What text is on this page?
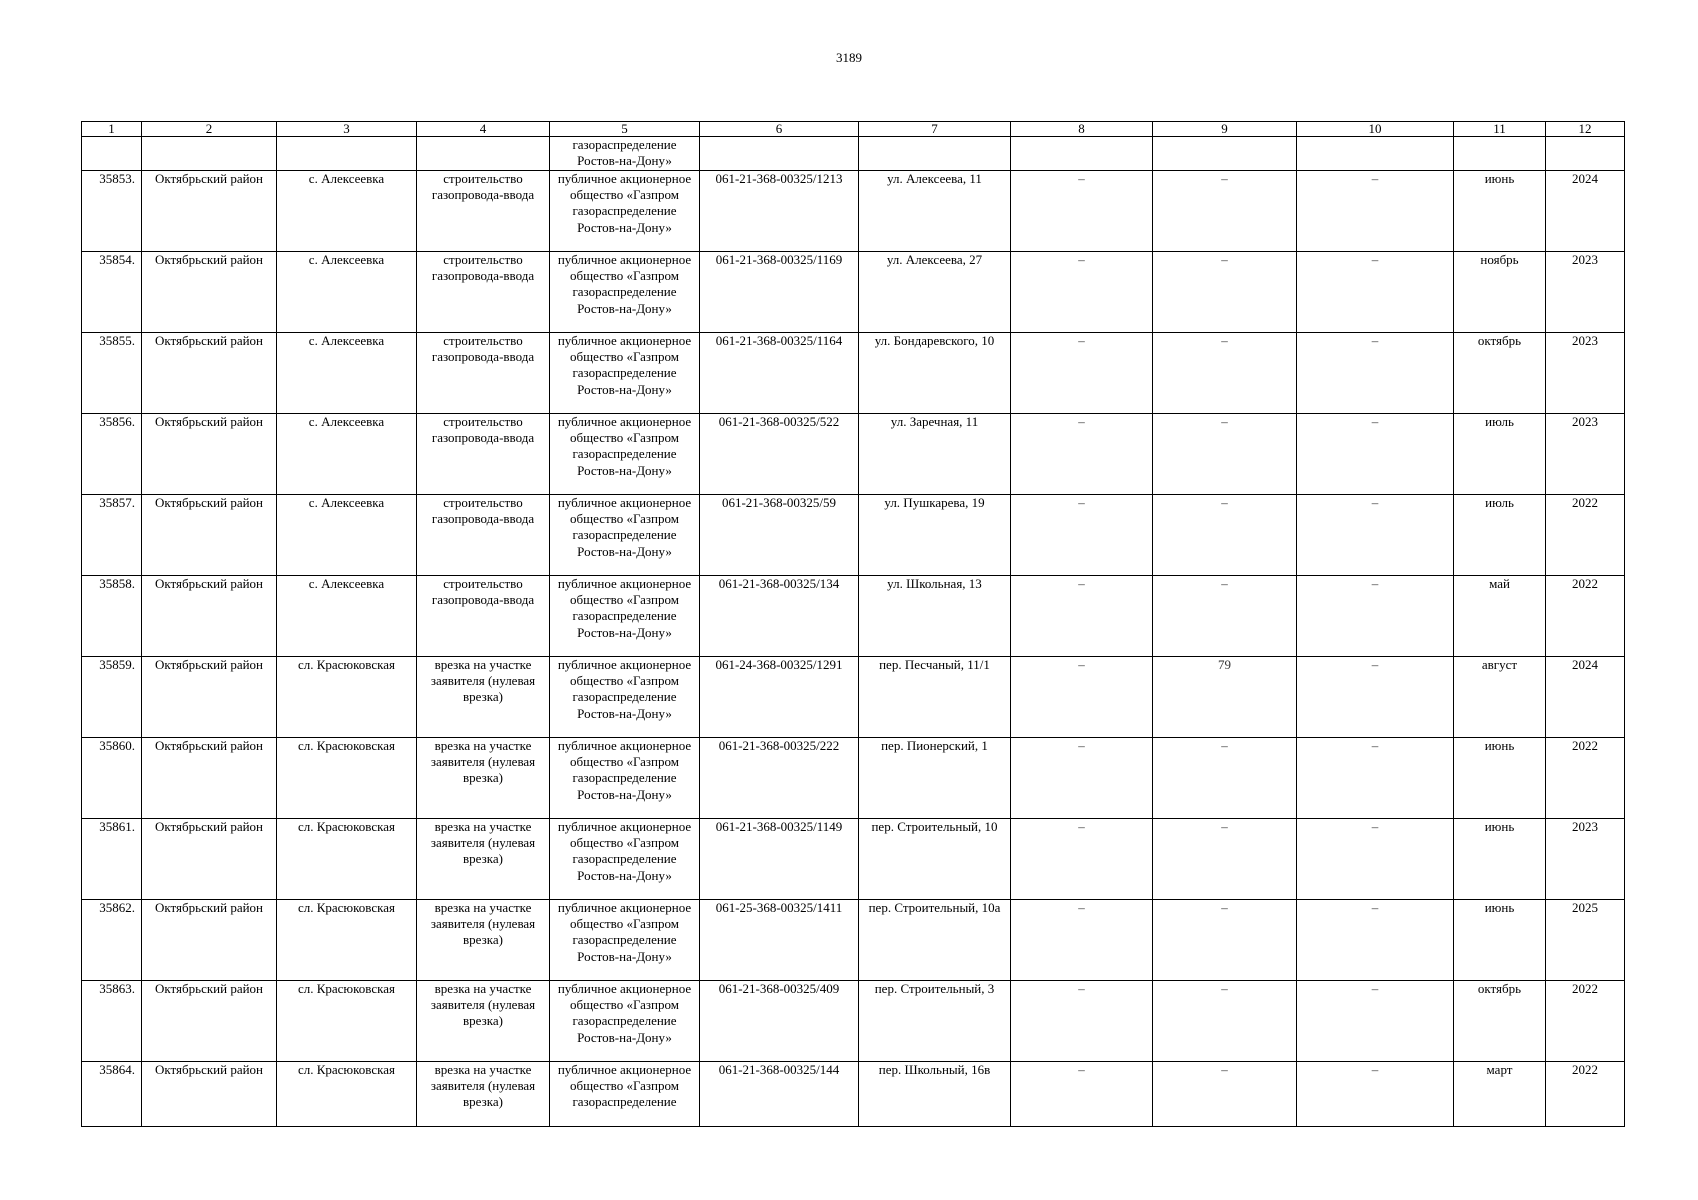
3189
1	2	3	4	5	6	7	8	9	10	11	12
				газораспределение Ростов-на-Дону»							
35853.	Октябрьский район	с. Алексеевка	строительство газопровода-ввода	публичное акционерное общество «Газпром газораспределение Ростов-на-Дону»	061-21-368-00325/1213	ул. Алексеева, 11	–	–	–	июнь	2024
35854.	Октябрьский район	с. Алексеевка	строительство газопровода-ввода	публичное акционерное общество «Газпром газораспределение Ростов-на-Дону»	061-21-368-00325/1169	ул. Алексеева, 27	–	–	–	ноябрь	2023
35855.	Октябрьский район	с. Алексеевка	строительство газопровода-ввода	публичное акционерное общество «Газпром газораспределение Ростов-на-Дону»	061-21-368-00325/1164	ул. Бондаревского, 10	–	–	–	октябрь	2023
35856.	Октябрьский район	с. Алексеевка	строительство газопровода-ввода	публичное акционерное общество «Газпром газораспределение Ростов-на-Дону»	061-21-368-00325/522	ул. Заречная, 11	–	–	–	июль	2023
35857.	Октябрьский район	с. Алексеевка	строительство газопровода-ввода	публичное акционерное общество «Газпром газораспределение Ростов-на-Дону»	061-21-368-00325/59	ул. Пушкарева, 19	–	–	–	июль	2022
35858.	Октябрьский район	с. Алексеевка	строительство газопровода-ввода	публичное акционерное общество «Газпром газораспределение Ростов-на-Дону»	061-21-368-00325/134	ул. Школьная, 13	–	–	–	май	2022
35859.	Октябрьский район	сл. Красюковская	врезка на участке заявителя (нулевая врезка)	публичное акционерное общество «Газпром газораспределение Ростов-на-Дону»	061-24-368-00325/1291	пер. Песчаный, 11/1	–	79	–	август	2024
35860.	Октябрьский район	сл. Красюковская	врезка на участке заявителя (нулевая врезка)	публичное акционерное общество «Газпром газораспределение Ростов-на-Дону»	061-21-368-00325/222	пер. Пионерский, 1	–	–	–	июнь	2022
35861.	Октябрьский район	сл. Красюковская	врезка на участке заявителя (нулевая врезка)	публичное акционерное общество «Газпром газораспределение Ростов-на-Дону»	061-21-368-00325/1149	пер. Строительный, 10	–	–	–	июнь	2023
35862.	Октябрьский район	сл. Красюковская	врезка на участке заявителя (нулевая врезка)	публичное акционерное общество «Газпром газораспределение Ростов-на-Дону»	061-25-368-00325/1411	пер. Строительный, 10а	–	–	–	июнь	2025
35863.	Октябрьский район	сл. Красюковская	врезка на участке заявителя (нулевая врезка)	публичное акционерное общество «Газпром газораспределение Ростов-на-Дону»	061-21-368-00325/409	пер. Строительный, 3	–	–	–	октябрь	2022
35864.	Октябрьский район	сл. Красюковская	врезка на участке заявителя (нулевая врезка)	публичное акционерное общество «Газпром газораспределение	061-21-368-00325/144	пер. Школьный, 16в	–	–	–	март	2022
